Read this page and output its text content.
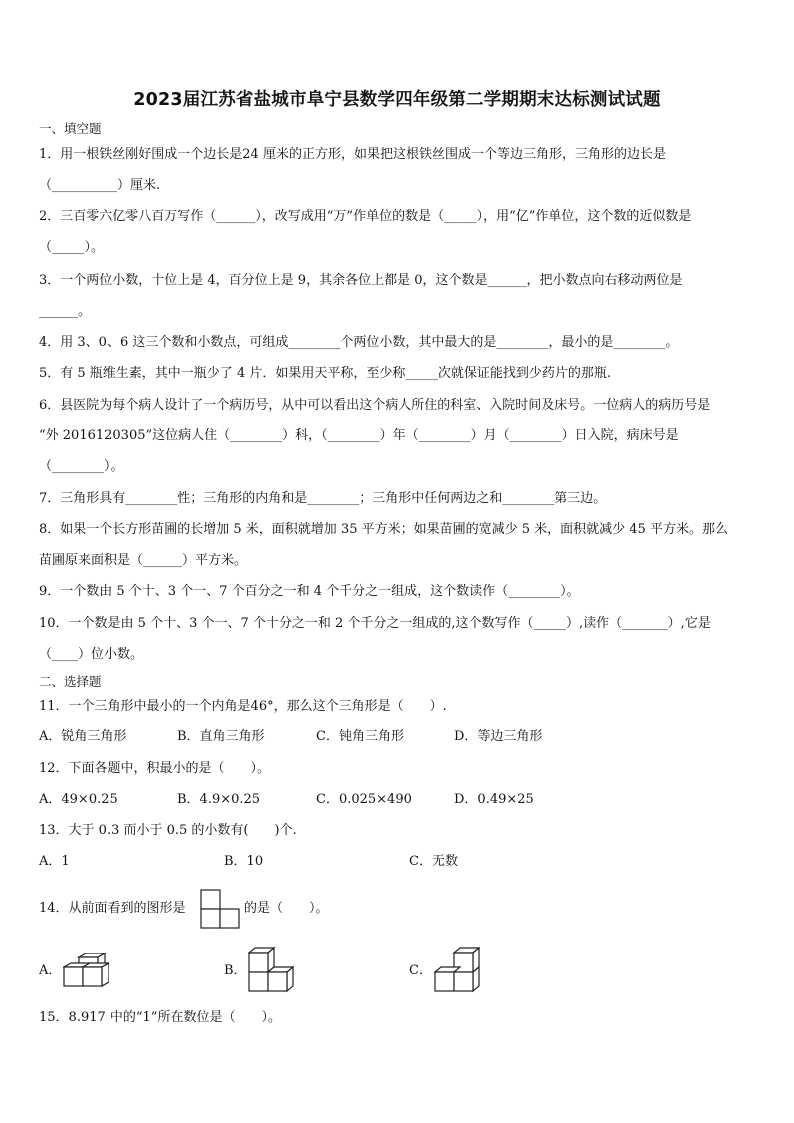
2023届江苏省盐城市阜宁县数学四年级第二学期期末达标测试试题
一、填空题
1．用一根铁丝刚好围成一个边长是24 厘米的正方形，如果把这根铁丝围成一个等边三角形，三角形的边长是
（__________）厘米.
2．三百零六亿零八百万写作（______），改写成用“万”作单位的数是（_____），用“亿”作单位，这个数的近似数是
（_____）。
3．一个两位小数，十位上是 4，百分位上是 9，其余各位上都是 0，这个数是______，把小数点向右移动两位是
______。
4．用 3、0、6 这三个数和小数点，可组成________个两位小数，其中最大的是________，最小的是________。
5．有 5 瓶维生素，其中一瓶少了 4 片．如果用天平称，至少称_____次就保证能找到少药片的那瓶.
6．县医院为每个病人设计了一个病历号，从中可以看出这个病人所住的科室、入院时间及床号。一位病人的病历号是
“外 2016120305”这位病人住（________）科，（________）年（________）月（________）日入院，病床号是
（________）。
7．三角形具有________性；三角形的内角和是________；三角形中任何两边之和________第三边。
8．如果一个长方形苗圃的长增加 5 米，面积就增加 35 平方米；如果苗圃的宽减少 5 米，面积就减少 45 平方米。那么
苗圃原来面积是（______）平方米。
9．一个数由 5 个十、3 个一、7 个百分之一和 4 个千分之一组成，这个数读作（________）。
10．一个数是由 5 个十、3 个一、7 个十分之一和 2 个千分之一组成的,这个数写作（_____）,读作（_______）,它是
（____）位小数。
二、选择题
11．一个三角形中最小的一个内角是46°，那么这个三角形是（　　）.
A．锐角三角形	B．直角三角形	C．钝角三角形	D．等边三角形
12．下面各题中，积最小的是（　　）。
A．49×0.25	B．4.9×0.25	C．0.025×490	D．0.49×25
13．大于 0.3 而小于 0.5 的小数有(　　)个.
A．1	B．10	C．无数
14．从前面看到的图形是	的是（　　）。
A．	B．	C．
15．8.917 中的“1”所在数位是（　　）。
